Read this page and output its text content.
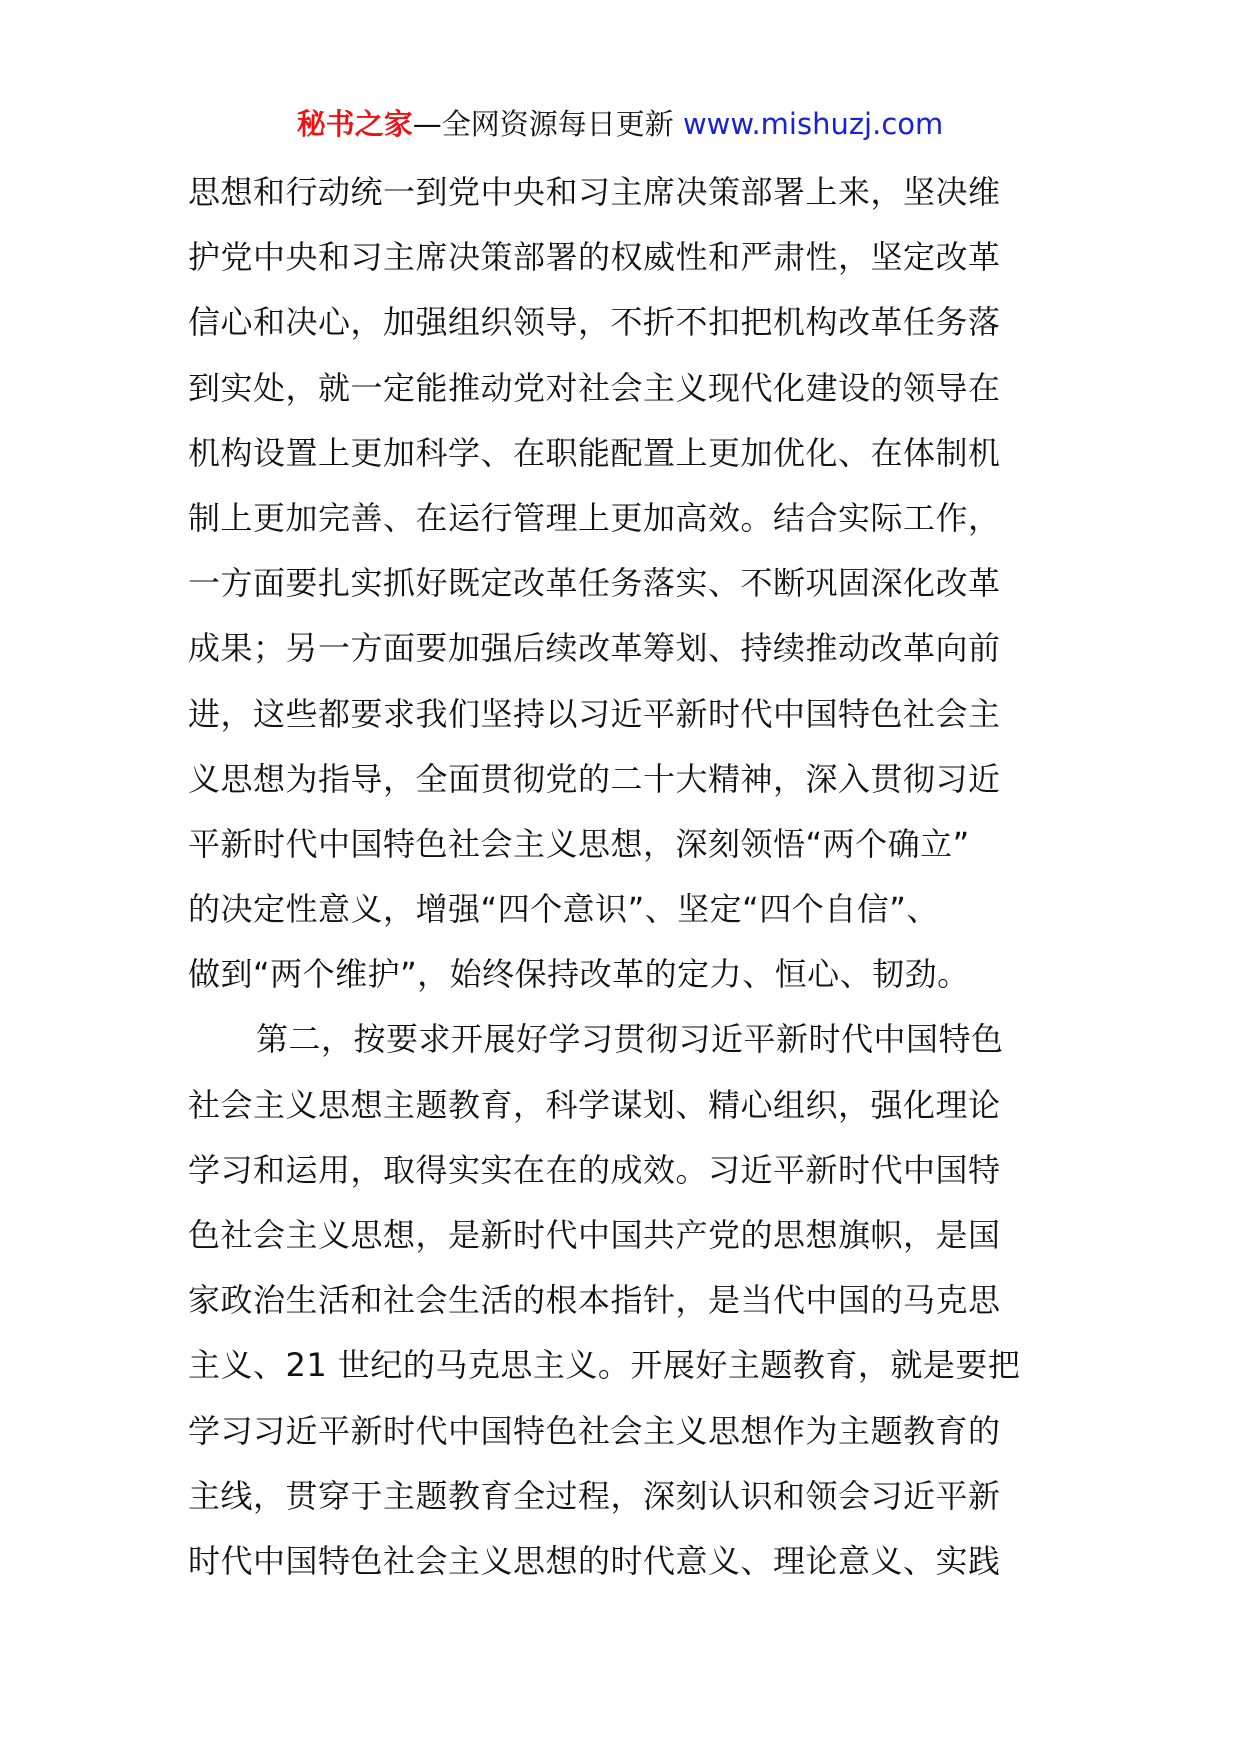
秘书之家—全网资源每日更新 www.mishuzj.com
思想和行动统一到党中央和习主席决策部署上来，坚决维
护党中央和习主席决策部署的权威性和严肃性，坚定改革
信心和决心，加强组织领导，不折不扣把机构改革任务落
到实处，就一定能推动党对社会主义现代化建设的领导在
机构设置上更加科学、在职能配置上更加优化、在体制机
制上更加完善、在运行管理上更加高效。结合实际工作，
一方面要扎实抓好既定改革任务落实、不断巩固深化改革
成果；另一方面要加强后续改革筹划、持续推动改革向前
进，这些都要求我们坚持以习近平新时代中国特色社会主
义思想为指导，全面贯彻党的二十大精神，深入贯彻习近
平新时代中国特色社会主义思想，深刻领悟“两个确立”
的决定性意义，增强“四个意识”、坚定“四个自信”、
做到“两个维护”，始终保持改革的定力、恒心、韧劲。
第二，按要求开展好学习贯彻习近平新时代中国特色
社会主义思想主题教育，科学谋划、精心组织，强化理论
学习和运用，取得实实在在的成效。习近平新时代中国特
色社会主义思想，是新时代中国共产党的思想旗帜，是国
家政治生活和社会生活的根本指针，是当代中国的马克思
主义、21 世纪的马克思主义。开展好主题教育，就是要把
学习习近平新时代中国特色社会主义思想作为主题教育的
主线，贯穿于主题教育全过程，深刻认识和领会习近平新
时代中国特色社会主义思想的时代意义、理论意义、实践
